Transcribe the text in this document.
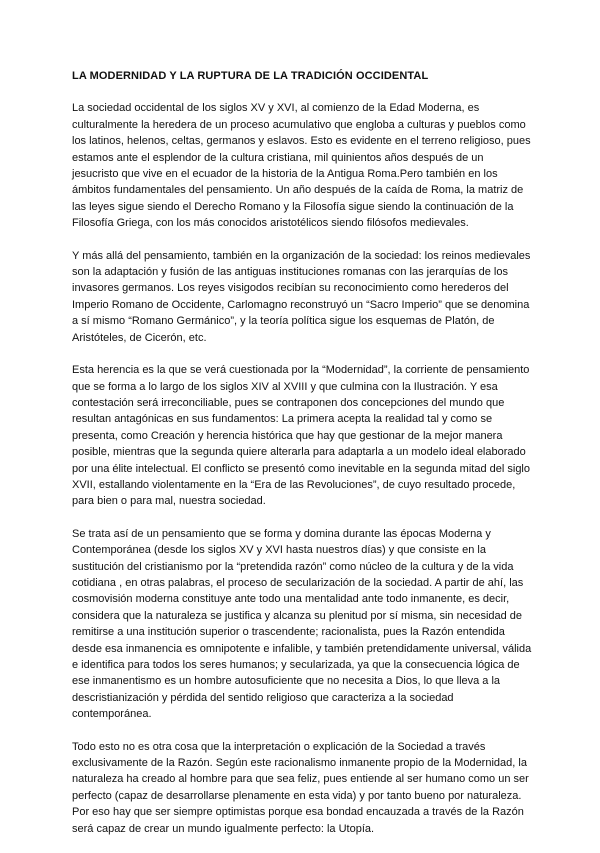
LA MODERNIDAD Y LA RUPTURA DE LA TRADICIÓN OCCIDENTAL

La sociedad occidental de los siglos XV y XVI, al comienzo de la Edad Moderna, es culturalmente la heredera de un proceso acumulativo que engloba a culturas y pueblos como los latinos, helenos, celtas, germanos y eslavos. Esto es evidente en el terreno religioso, pues estamos ante el esplendor de la cultura cristiana, mil quinientos años después de un jesucristo que vive en el ecuador de la historia de la Antigua Roma.Pero también en los ámbitos fundamentales del pensamiento. Un año después de la caída de Roma, la matriz de las leyes sigue siendo el Derecho Romano y la Filosofía sigue siendo la continuación de la Filosofía Griega, con los más conocidos aristotélicos siendo filósofos medievales.

Y más allá del pensamiento, también en la organización de la sociedad: los reinos medievales son la adaptación y fusión de las antiguas instituciones romanas con las jerarquías de los invasores germanos. Los reyes visigodos recibían su reconocimiento como herederos del Imperio Romano de Occidente, Carlomagno reconstruyó un “Sacro Imperio” que se denomina a sí mismo “Romano Germánico”, y la teoría política sigue los esquemas de Platón, de Aristóteles, de Cicerón, etc.

Esta herencia es la que se verá cuestionada por la “Modernidad”, la corriente de pensamiento que se forma a lo largo de los siglos XIV al XVIII y que culmina con la Ilustración. Y esa contestación será irreconciliable, pues se contraponen dos concepciones del mundo que resultan antagónicas en sus fundamentos: La primera acepta la realidad tal y como se presenta, como Creación y herencia histórica que hay que gestionar de la mejor manera posible, mientras que la segunda quiere alterarla para adaptarla a un modelo ideal elaborado por una élite intelectual. El conflicto se presentó como inevitable en la segunda mitad del siglo XVII, estallando violentamente en la “Era de las Revoluciones”, de cuyo resultado procede, para bien o para mal, nuestra sociedad.

Se trata así de un pensamiento que se forma y domina durante las épocas Moderna y Contemporánea (desde los siglos XV y XVI hasta nuestros días) y que consiste en la sustitución del cristianismo por la “pretendida razón” como núcleo de la cultura y de la vida cotidiana , en otras palabras, el proceso de secularización de la sociedad. A partir de ahí, las cosmovisión moderna constituye ante todo una mentalidad ante todo inmanente, es decir, considera que la naturaleza se justifica y alcanza su plenitud por sí misma, sin necesidad de remitirse a una institución superior o trascendente; racionalista, pues la Razón entendida desde esa inmanencia es omnipotente e infalible, y también pretendidamente universal, válida e identifica para todos los seres humanos; y secularizada, ya que la consecuencia lógica de ese inmanentismo es un hombre autosuficiente que no necesita a Dios, lo que lleva a la descristianización y pérdida del sentido religioso que caracteriza a la sociedad contemporánea.

Todo esto no es otra cosa que la interpretación o explicación de la Sociedad a través exclusivamente de la Razón. Según este racionalismo inmanente propio de la Modernidad, la naturaleza ha creado al hombre para que sea feliz, pues entiende al ser humano como un ser perfecto (capaz de desarrollarse plenamente en esta vida) y por tanto bueno por naturaleza. Por eso hay que ser siempre optimistas porque esa bondad encauzada a través de la Razón será capaz de crear un mundo igualmente perfecto: la Utopía.
